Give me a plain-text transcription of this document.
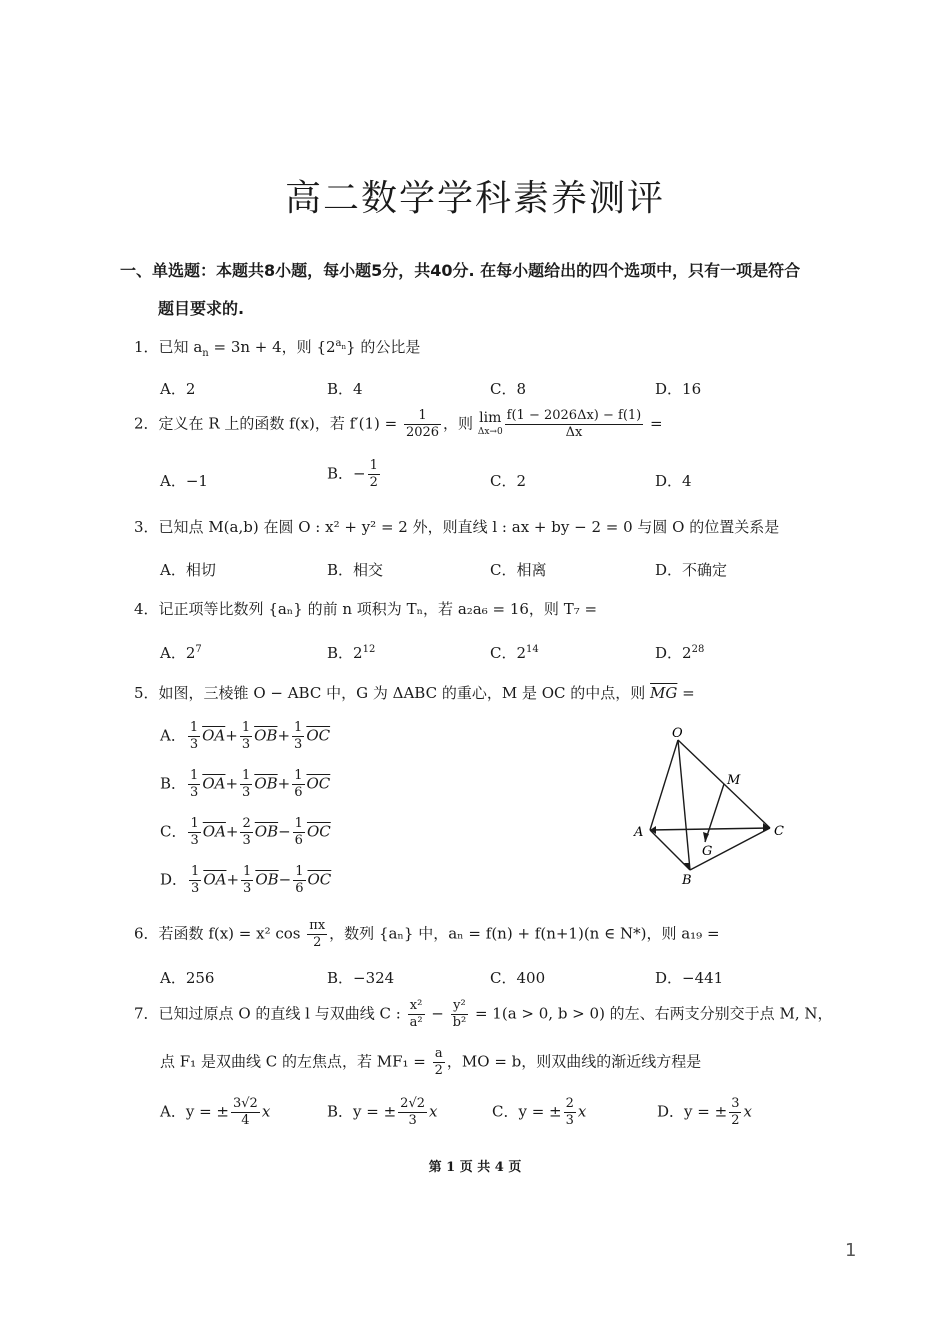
高二数学学科素养测评
一、单选题：本题共8小题，每小题5分，共40分. 在每小题给出的四个选项中，只有一项是符合
题目要求的.
1．已知 $a_n = 3n + 4$，则 $\{2^{a_n}\}$ 的公比是
A．2	B．4	C．8	D．16
2．定义在 R 上的函数 f(x)，若 $f'(1) = \frac{1}{2026}$ ，则 lim
$\Delta x\to 0 \frac{f(1 - 2026\Delta x) - f(1)}{\Delta x}$ =
A．−1	B．− $\frac{1}{2}$	C．2	D．4
3．已知点 M(a,b) 在圆 O : x² + y² = 2 外，则直线 l : ax + by − 2 = 0 与圆 O 的位置关系是
A．相切	B．相交	C．相离	D．不确定
4．记正项等比数列 {aₙ} 的前 n 项积为 Tₙ，若 a₂a₆ = 16，则 T₇ =
A．$2^7$	B．$2^{12}$	C．$2^{14}$	D．$2^{28}$
5．如图，三棱锥 O − ABC 中，G 为 ΔABC 的重心，M 是 OC 的中点，则 $\overline{MG}$ =
A． $\frac{1}{3} \overline{OA}+ \frac{1}{3} \overline{OB}+ \frac{1}{3} \overline{OC}$
B． $\frac{1}{3} \overline{OA}+ \frac{1}{3} \overline{OB}+ \frac{1}{6} \overline{OC}$
C． $\frac{1}{3} \overline{OA}+ \frac{2}{3} \overline{OB}- \frac{1}{6} \overline{OC}$
D． $\frac{1}{3} \overline{OA}+ \frac{1}{3} \overline{OB}- \frac{1}{6} \overline{OC}$
O
M
A	C
G
B
6．若函数 f(x) = x² $\cos \frac{\pi x}{2}$ ，数列 {aₙ} 中，aₙ = f(n) + f(n+1)(n ∈ N*)，则 a₁₉ =
A．256	B．−324	C．400	D．−441
7．已知过原点 O 的直线 l 与双曲线 C : $\frac{\text{x²}}{\text{a²}} - \frac{\text{y²}}{\text{b²}} = 1(a > 0$, b > 0) 的左、右两支分别交于点 M, N，
点 F₁ 是双曲线 C 的左焦点，若 $MF_1 = \frac{a}{2}$ ，MO = b，则双曲线的渐近线方程是
A．y = ± $\frac{3√2}{4}$ x	B．y = ± $\frac{2√2}{3}$ x	C．y = ± $\frac{2}{3}$ x	D．y = ± $\frac{3}{2}$ x
第 1 页 共 4 页
1
